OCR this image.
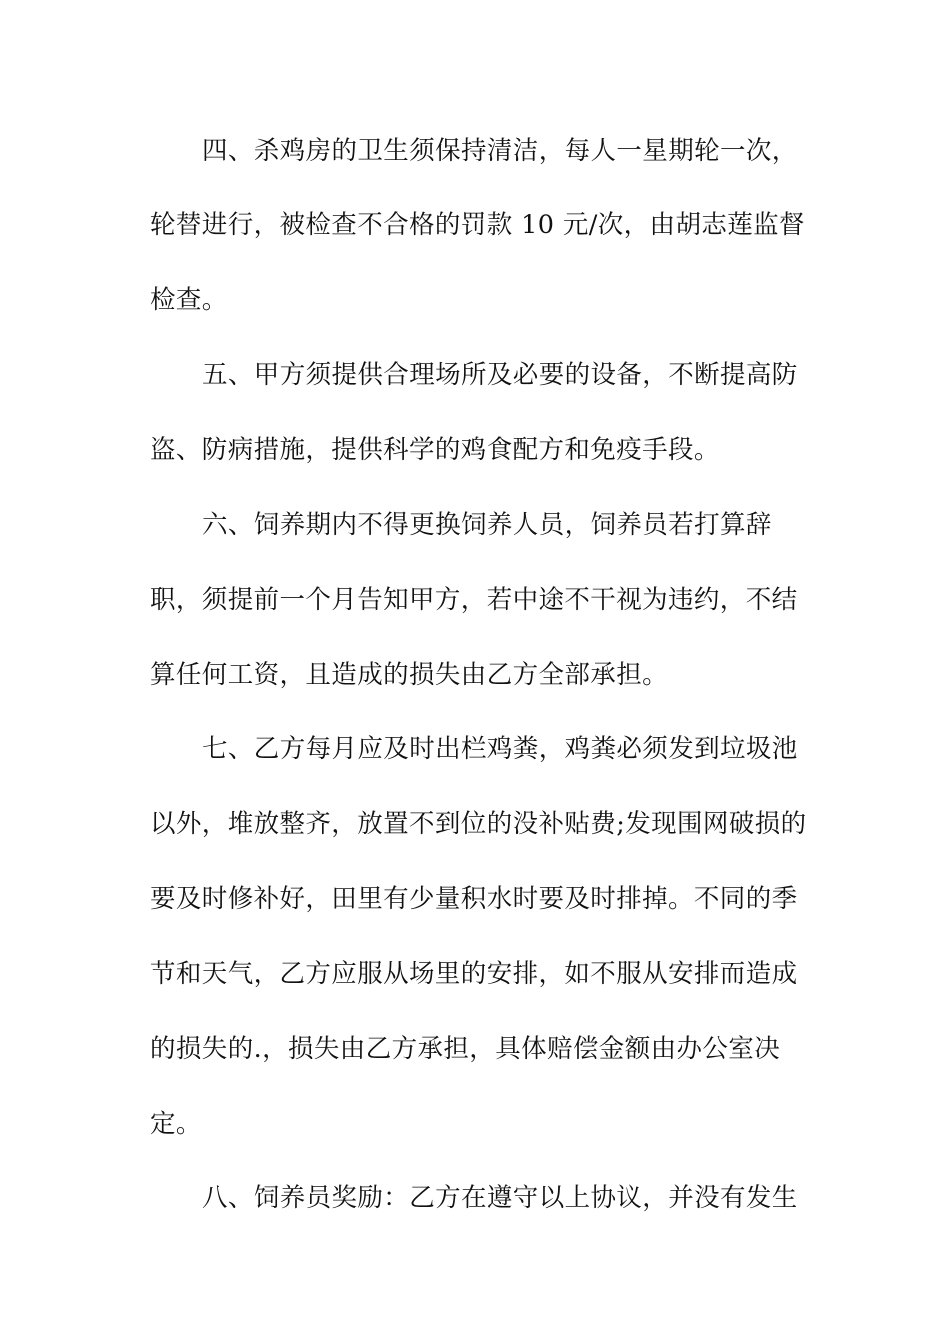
四、杀鸡房的卫生须保持清洁，每人一星期轮一次，
轮替进行，被检查不合格的罚款 10 元/次，由胡志莲监督
检查。
五、甲方须提供合理场所及必要的设备，不断提高防
盗、防病措施，提供科学的鸡食配方和免疫手段。
六、饲养期内不得更换饲养人员，饲养员若打算辞
职，须提前一个月告知甲方，若中途不干视为违约，不结
算任何工资，且造成的损失由乙方全部承担。
七、乙方每月应及时出栏鸡粪，鸡粪必须发到垃圾池
以外，堆放整齐，放置不到位的没补贴费;发现围网破损的
要及时修补好，田里有少量积水时要及时排掉。不同的季
节和天气，乙方应服从场里的安排，如不服从安排而造成
的损失的.，损失由乙方承担，具体赔偿金额由办公室决
定。
八、饲养员奖励：乙方在遵守以上协议，并没有发生
